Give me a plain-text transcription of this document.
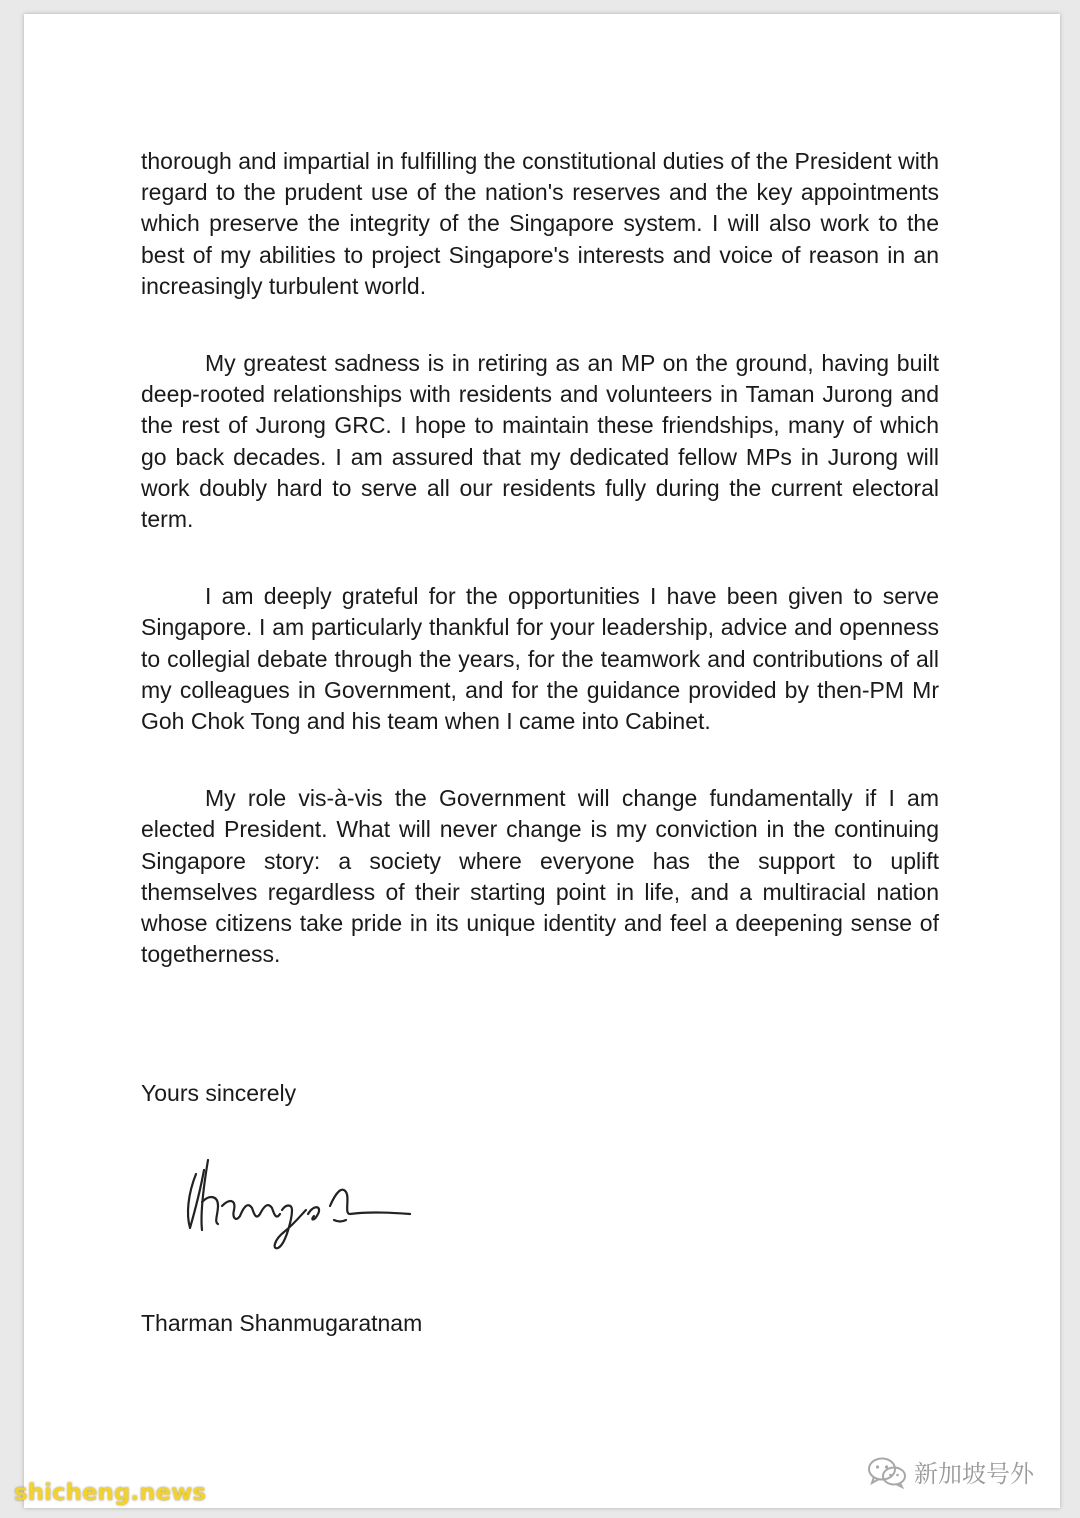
thorough and impartial in fulfilling the constitutional duties of the President with regard to the prudent use of the nation's reserves and the key appointments which preserve the integrity of the Singapore system. I will also work to the best of my abilities to project Singapore's interests and voice of reason in an increasingly turbulent world.

My greatest sadness is in retiring as an MP on the ground, having built deep-rooted relationships with residents and volunteers in Taman Jurong and the rest of Jurong GRC. I hope to maintain these friendships, many of which go back decades. I am assured that my dedicated fellow MPs in Jurong will work doubly hard to serve all our residents fully during the current electoral term.

I am deeply grateful for the opportunities I have been given to serve Singapore. I am particularly thankful for your leadership, advice and openness to collegial debate through the years, for the teamwork and contributions of all my colleagues in Government, and for the guidance provided by then-PM Mr Goh Chok Tong and his team when I came into Cabinet.

My role vis-à-vis the Government will change fundamentally if I am elected President. What will never change is my conviction in the continuing Singapore story: a society where everyone has the support to uplift themselves regardless of their starting point in life, and a multiracial nation whose citizens take pride in its unique identity and feel a deepening sense of togetherness.

Yours sincerely

Tharman Shanmugaratnam

新加坡号外
shicheng.news
